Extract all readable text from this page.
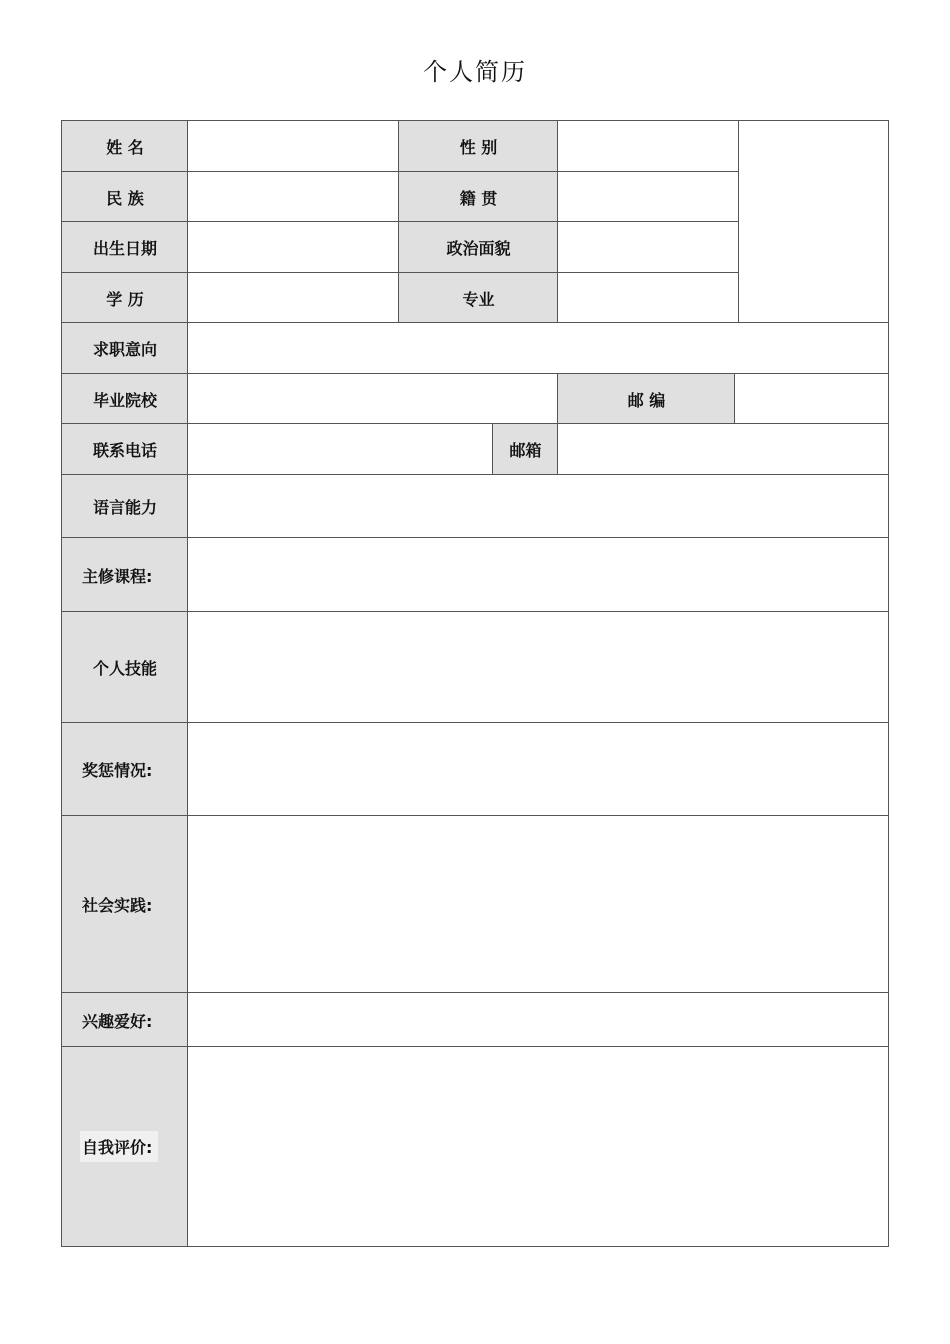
个人简历
姓 名	性 别
民 族	籍 贯
出生日期	政治面貌
学 历	专业
求职意向
毕业院校	邮 编
联系电话	邮箱
语言能力
主修课程:
个人技能
奖惩情况:
社会实践:
兴趣爱好:
自我评价:
